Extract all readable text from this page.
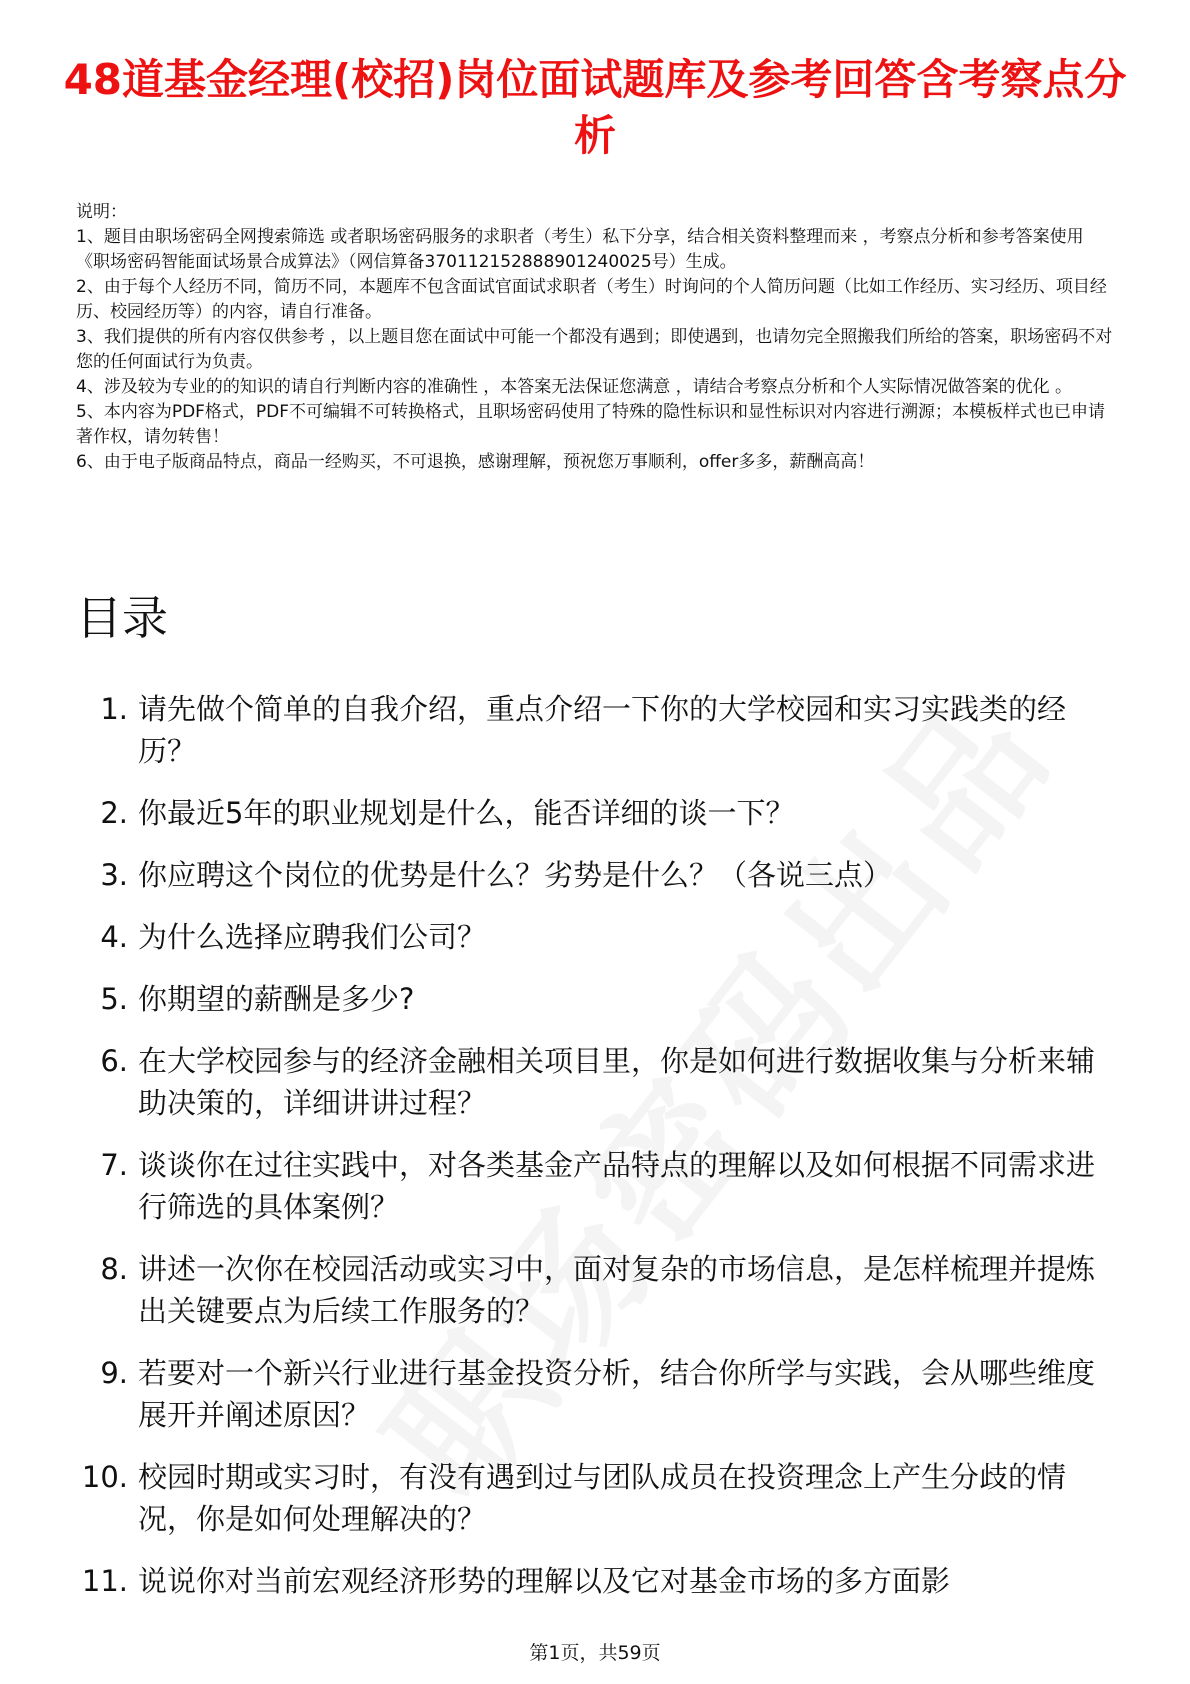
48道基金经理(校招)岗位面试题库及参考回答含考察点分析

说明：

1、题目由职场密码全网搜索筛选 或者职场密码服务的求职者（考生）私下分享，结合相关资料整理而来 ，考察点分析和参考答案使用《职场密码智能面试场景合成算法》（网信算备370112152888901240025号）生成。

2、由于每个人经历不同，简历不同，本题库不包含面试官面试求职者（考生）时询问的个人简历问题（比如工作经历、实习经历、项目经历、校园经历等）的内容，请自行准备。

3、我们提供的所有内容仅供参考 ，以上题目您在面试中可能一个都没有遇到；即使遇到，也请勿完全照搬我们所给的答案，职场密码不对您的任何面试行为负责。

4、涉及较为专业的的知识的请自行判断内容的准确性 ，本答案无法保证您满意 ，请结合考察点分析和个人实际情况做答案的优化 。

5、本内容为PDF格式，PDF不可编辑不可转换格式，且职场密码使用了特殊的隐性标识和显性标识对内容进行溯源；本模板样式也已申请著作权，请勿转售！

6、由于电子版商品特点，商品一经购买，不可退换，感谢理解，预祝您万事顺利，offer多多，薪酬高高！

目录
1. 请先做个简单的自我介绍，重点介绍一下你的大学校园和实习实践类的经历？
2. 你最近5年的职业规划是什么，能否详细的谈一下？
3. 你应聘这个岗位的优势是什么？劣势是什么？（各说三点）
4. 为什么选择应聘我们公司？
5. 你期望的薪酬是多少?
6. 在大学校园参与的经济金融相关项目里，你是如何进行数据收集与分析来辅助决策的，详细讲讲过程？
7. 谈谈你在过往实践中，对各类基金产品特点的理解以及如何根据不同需求进行筛选的具体案例？
8. 讲述一次你在校园活动或实习中，面对复杂的市场信息，是怎样梳理并提炼出关键要点为后续工作服务的？
9. 若要对一个新兴行业进行基金投资分析，结合你所学与实践，会从哪些维度展开并阐述原因？
10. 校园时期或实习时，有没有遇到过与团队成员在投资理念上产生分歧的情况，你是如何处理解决的？
11. 说说你对当前宏观经济形势的理解以及它对基金市场的多方面影
第1页，共59页
